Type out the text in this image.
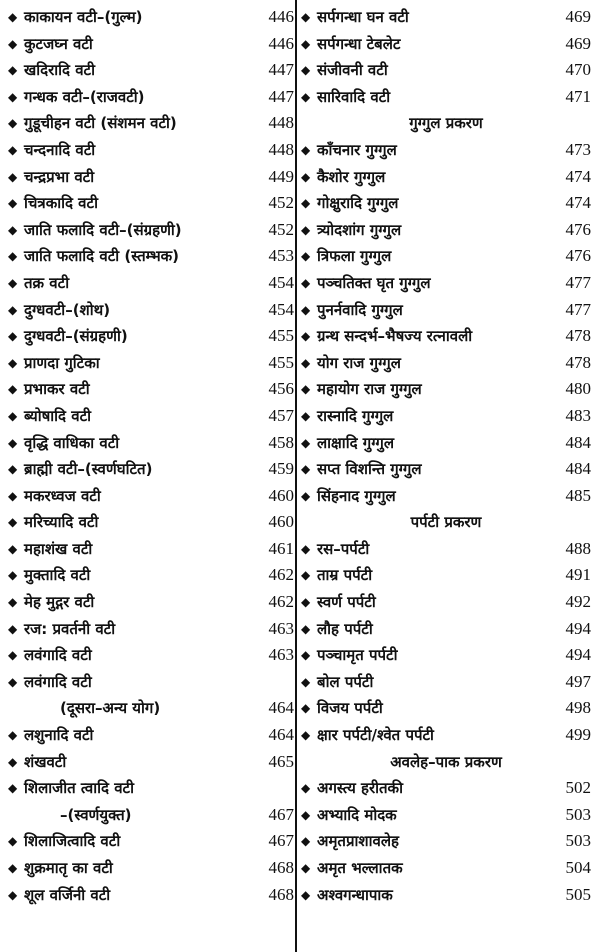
◆ काकायन वटी–(गुल्म)	446
◆ कुटजघ्न वटी	446
◆ खदिरादि वटी	447
◆ गन्धक वटी–(राजवटी)	447
◆ गुडूचीहन वटी (संशमन वटी)	448
◆ चन्दनादि वटी	448
◆ चन्द्रप्रभा वटी	449
◆ चित्रकादि वटी	452
◆ जाति फलादि वटी–(संग्रहणी)	452
◆ जाति फलादि वटी (स्तम्भक)	453
◆ तक्र वटी	454
◆ दुग्धवटी–(शोथ)	454
◆ दुग्धवटी–(संग्रहणी)	455
◆ प्राणदा गुटिका	455
◆ प्रभाकर वटी	456
◆ ब्योषादि वटी	457
◆ वृद्धि वाधिका वटी	458
◆ ब्राह्मी वटी–(स्वर्णघटित)	459
◆ मकरध्वज वटी	460
◆ मरिच्यादि वटी	460
◆ महाशंख वटी	461
◆ मुक्तादि वटी	462
◆ मेह मुद्गर वटी	462
◆ रज: प्रवर्तनी वटी	463
◆ लवंगादि वटी	463
◆ लवंगादि वटी
(दूसरा–अन्य योग)	464
◆ लशुनादि वटी	464
◆ शंखवटी	465
◆ शिलाजीत त्वादि वटी
–(स्वर्णयुक्त)	467
◆ शिलाजित्वादि वटी	467
◆ शुक्रमातृ का वटी	468
◆ शूल वर्जिनी वटी	468
◆ सर्पगन्धा घन वटी	469
◆ सर्पगन्धा टेबलेट	469
◆ संजीवनी वटी	470
◆ सारिवादि वटी	471
गुग्गुल प्रकरण
◆ काँचनार गुग्गुल	473
◆ कैशोर गुग्गुल	474
◆ गोक्षुरादि गुग्गुल	474
◆ त्र्योदशांग गुग्गुल	476
◆ त्रिफला गुग्गुल	476
◆ पञ्चतिक्त घृत गुग्गुल	477
◆ पुनर्नवादि गुग्गुल	477
◆ ग्रन्थ सन्दर्भ–भैषज्य रत्नावली	478
◆ योग राज गुग्गुल	478
◆ महायोग राज गुग्गुल	480
◆ रास्नादि गुग्गुल	483
◆ लाक्षादि गुग्गुल	484
◆ सप्त विशन्ति गुग्गुल	484
◆ सिंहनाद गुग्गुल	485
पर्पटी प्रकरण
◆ रस–पर्पटी	488
◆ ताम्र पर्पटी	491
◆ स्वर्ण पर्पटी	492
◆ लौह पर्पटी	494
◆ पञ्चामृत पर्पटी	494
◆ बोल पर्पटी	497
◆ विजय पर्पटी	498
◆ क्षार पर्पटी/श्वेत पर्पटी	499
अवलेह–पाक प्रकरण
◆ अगस्त्य हरीतकी	502
◆ अभ्यादि मोदक	503
◆ अमृतप्राशावलेह	503
◆ अमृत भल्लातक	504
◆ अश्वगन्धापाक	505
